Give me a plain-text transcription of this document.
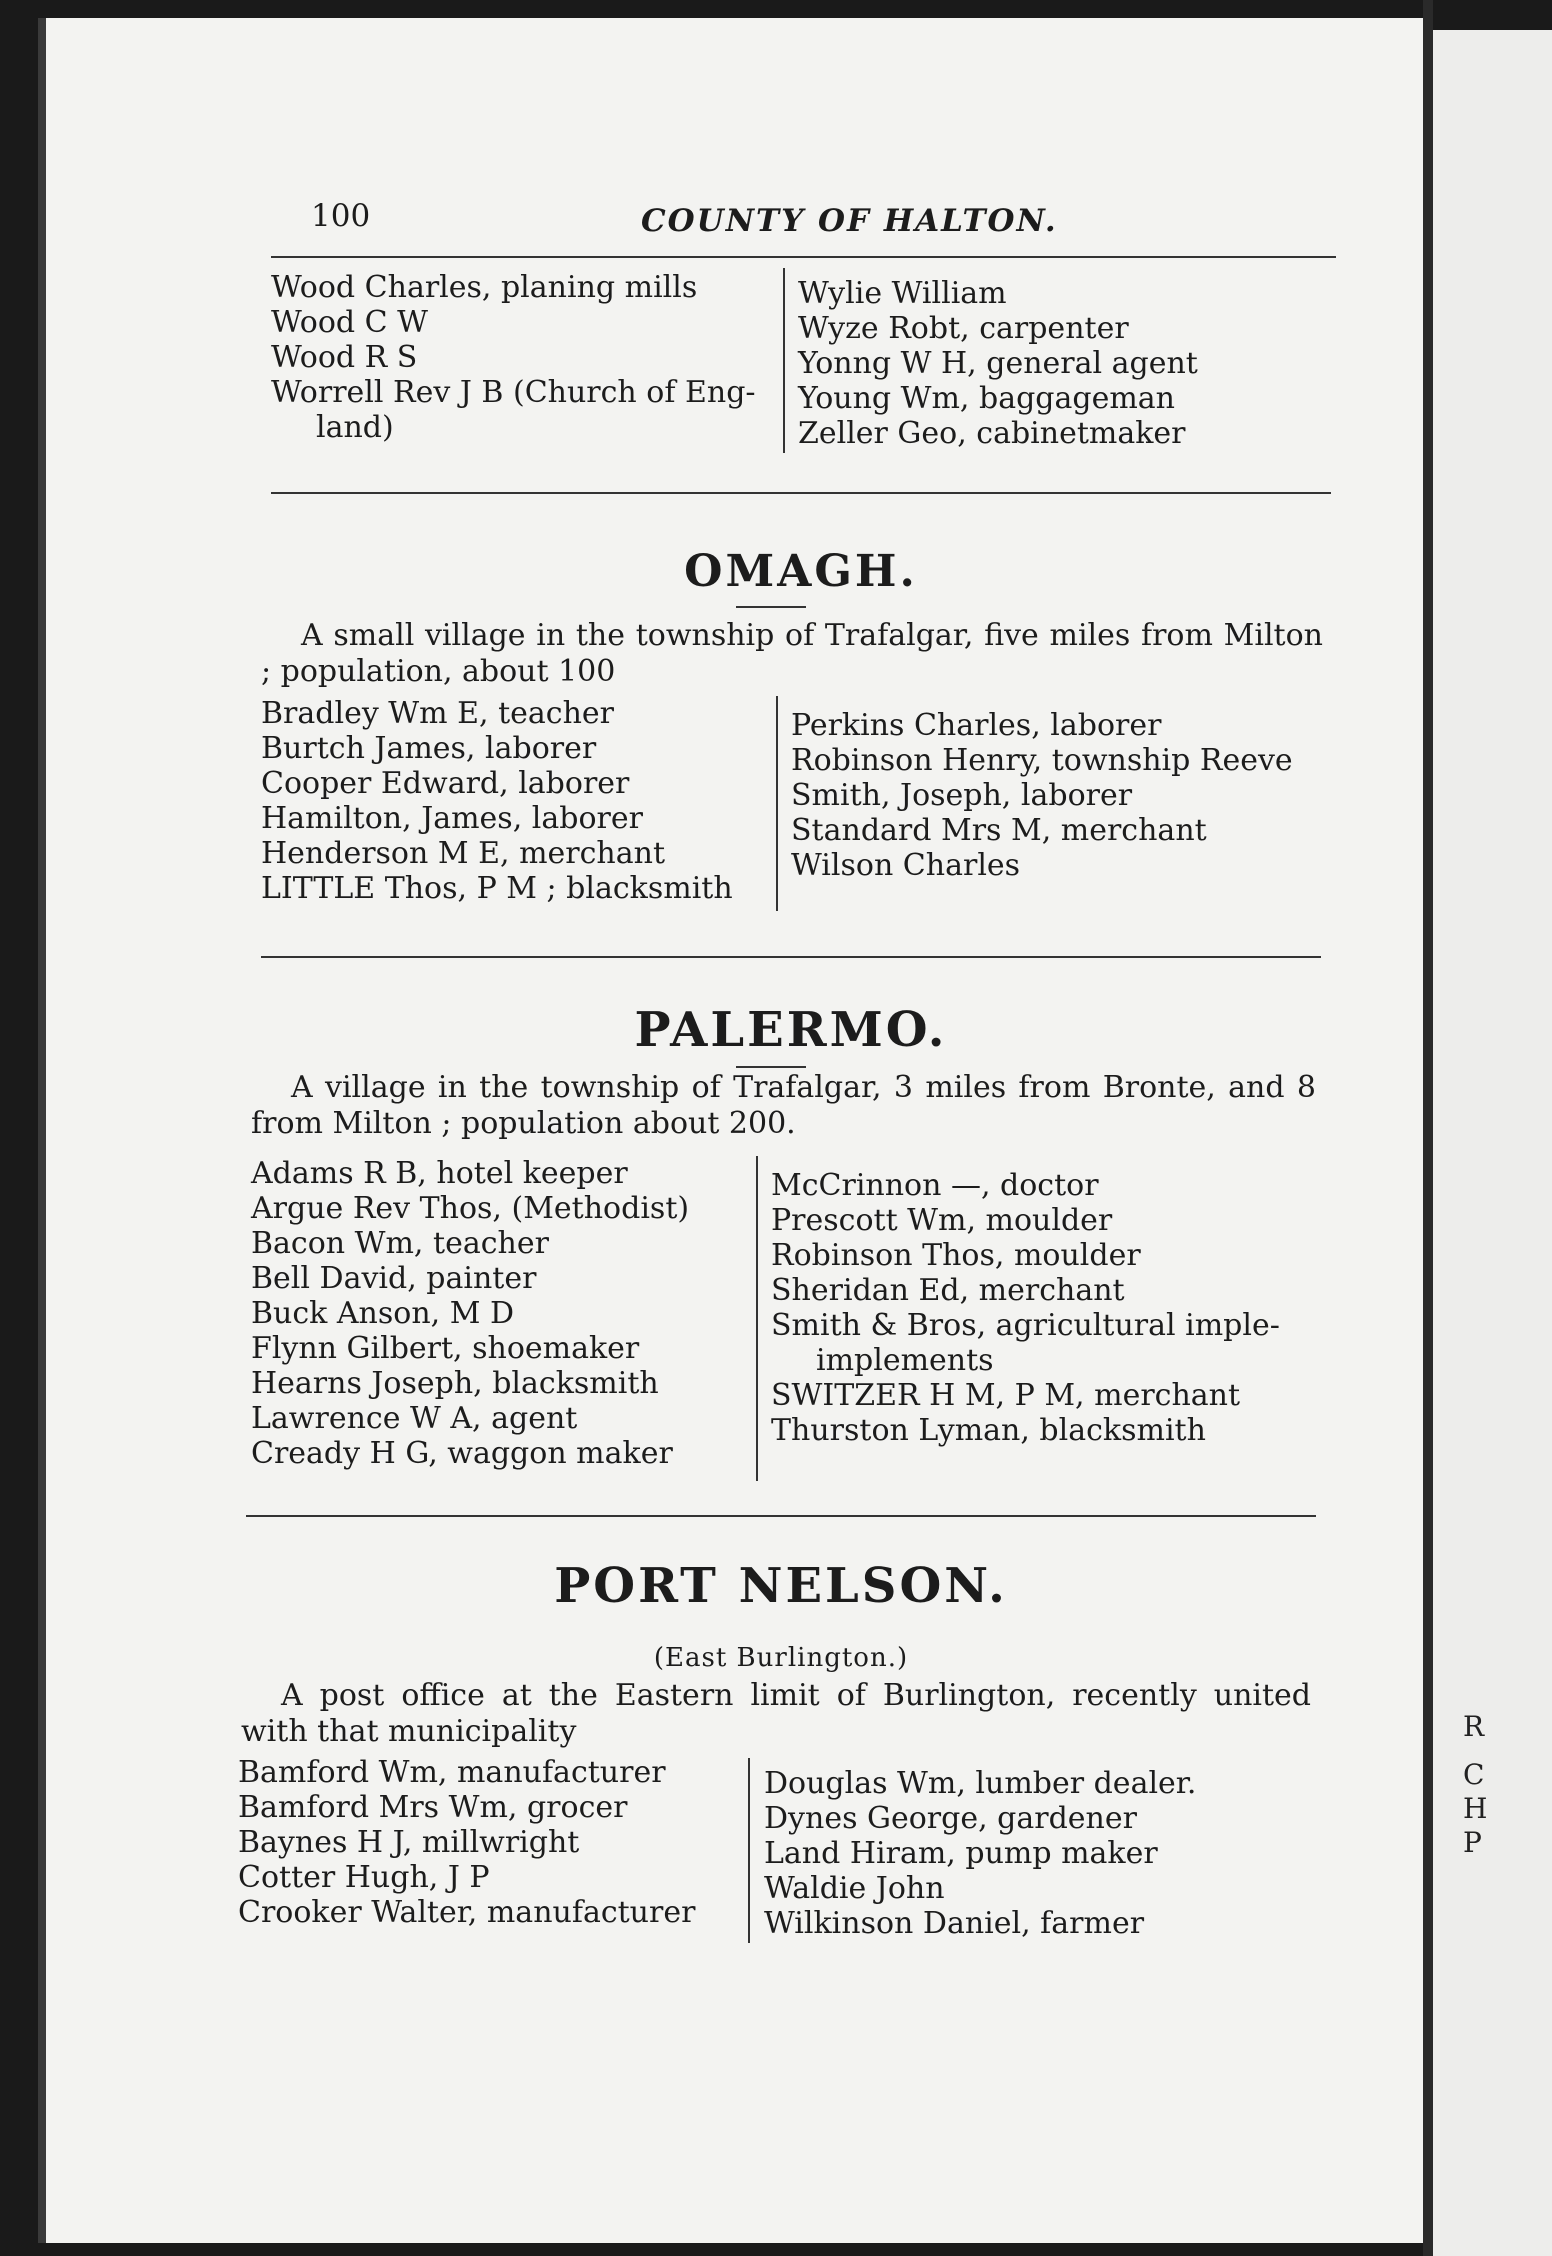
100	COUNTY OF HALTON.
Wood Charles, planing mills
Wood C W
Wood R S
Worrell Rev J B (Church of Eng-
land)
Wylie William
Wyze Robt, carpenter
Yonng W H, general agent
Young Wm, baggageman
Zeller Geo, cabinetmaker
OMAGH.
A small village in the township of Trafalgar, five miles from Milton ; population, about 100
Bradley Wm E, teacher
Burtch James, laborer
Cooper Edward, laborer
Hamilton, James, laborer
Henderson M E, merchant
LITTLE Thos, P M ; blacksmith
Perkins Charles, laborer
Robinson Henry, township Reeve
Smith, Joseph, laborer
Standard Mrs M, merchant
Wilson Charles
PALERMO.
A village in the township of Trafalgar, 3 miles from Bronte, and 8 from Milton ; population about 200.
Adams R B, hotel keeper
Argue Rev Thos, (Methodist)
Bacon Wm, teacher
Bell David, painter
Buck Anson, M D
Flynn Gilbert, shoemaker
Hearns Joseph, blacksmith
Lawrence W A, agent
Cready H G, waggon maker
McCrinnon —, doctor
Prescott Wm, moulder
Robinson Thos, moulder
Sheridan Ed, merchant
Smith & Bros, agricultural imple-
implements
SWITZER H M, P M, merchant
Thurston Lyman, blacksmith
PORT NELSON.
(East Burlington.)
A post office at the Eastern limit of Burlington, recently united with that municipality
Bamford Wm, manufacturer
Bamford Mrs Wm, grocer
Baynes H J, millwright
Cotter Hugh, J P
Crooker Walter, manufacturer
Douglas Wm, lumber dealer.
Dynes George, gardener
Land Hiram, pump maker
Waldie John
Wilkinson Daniel, farmer
R
C
H
P
